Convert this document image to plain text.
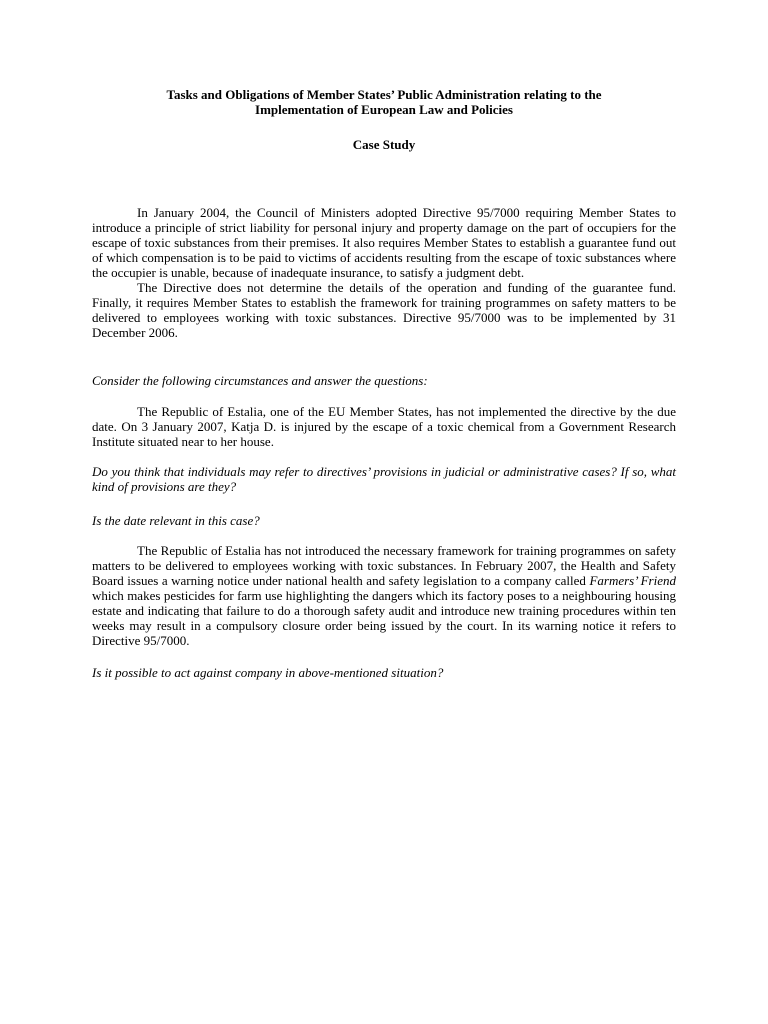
Tasks and Obligations of Member States’ Public Administration relating to the
Implementation of European Law and Policies
Case Study

In January 2004, the Council of Ministers adopted Directive 95/7000 requiring Member States to introduce a principle of strict liability for personal injury and property damage on the part of occupiers for the escape of toxic substances from their premises. It also requires Member States to establish a guarantee fund out of which compensation is to be paid to victims of accidents resulting from the escape of toxic substances where the occupier is unable, because of inadequate insurance, to satisfy a judgment debt.

The Directive does not determine the details of the operation and funding of the guarantee fund. Finally, it requires Member States to establish the framework for training programmes on safety matters to be delivered to employees working with toxic substances. Directive 95/7000 was to be implemented by 31 December 2006.

Consider the following circumstances and answer the questions:

The Republic of Estalia, one of the EU Member States, has not implemented the directive by the due date. On 3 January 2007, Katja D. is injured by the escape of a toxic chemical from a Government Research Institute situated near to her house.

Do you think that individuals may refer to directives’ provisions in judicial or administrative cases? If so, what kind of provisions are they?

Is the date relevant in this case?

The Republic of Estalia has not introduced the necessary framework for training programmes on safety matters to be delivered to employees working with toxic substances. In February 2007, the Health and Safety Board issues a warning notice under national health and safety legislation to a company called Farmers’ Friend which makes pesticides for farm use highlighting the dangers which its factory poses to a neighbouring housing estate and indicating that failure to do a thorough safety audit and introduce new training procedures within ten weeks may result in a compulsory closure order being issued by the court. In its warning notice it refers to Directive 95/7000.

Is it possible to act against company in above-mentioned situation?
